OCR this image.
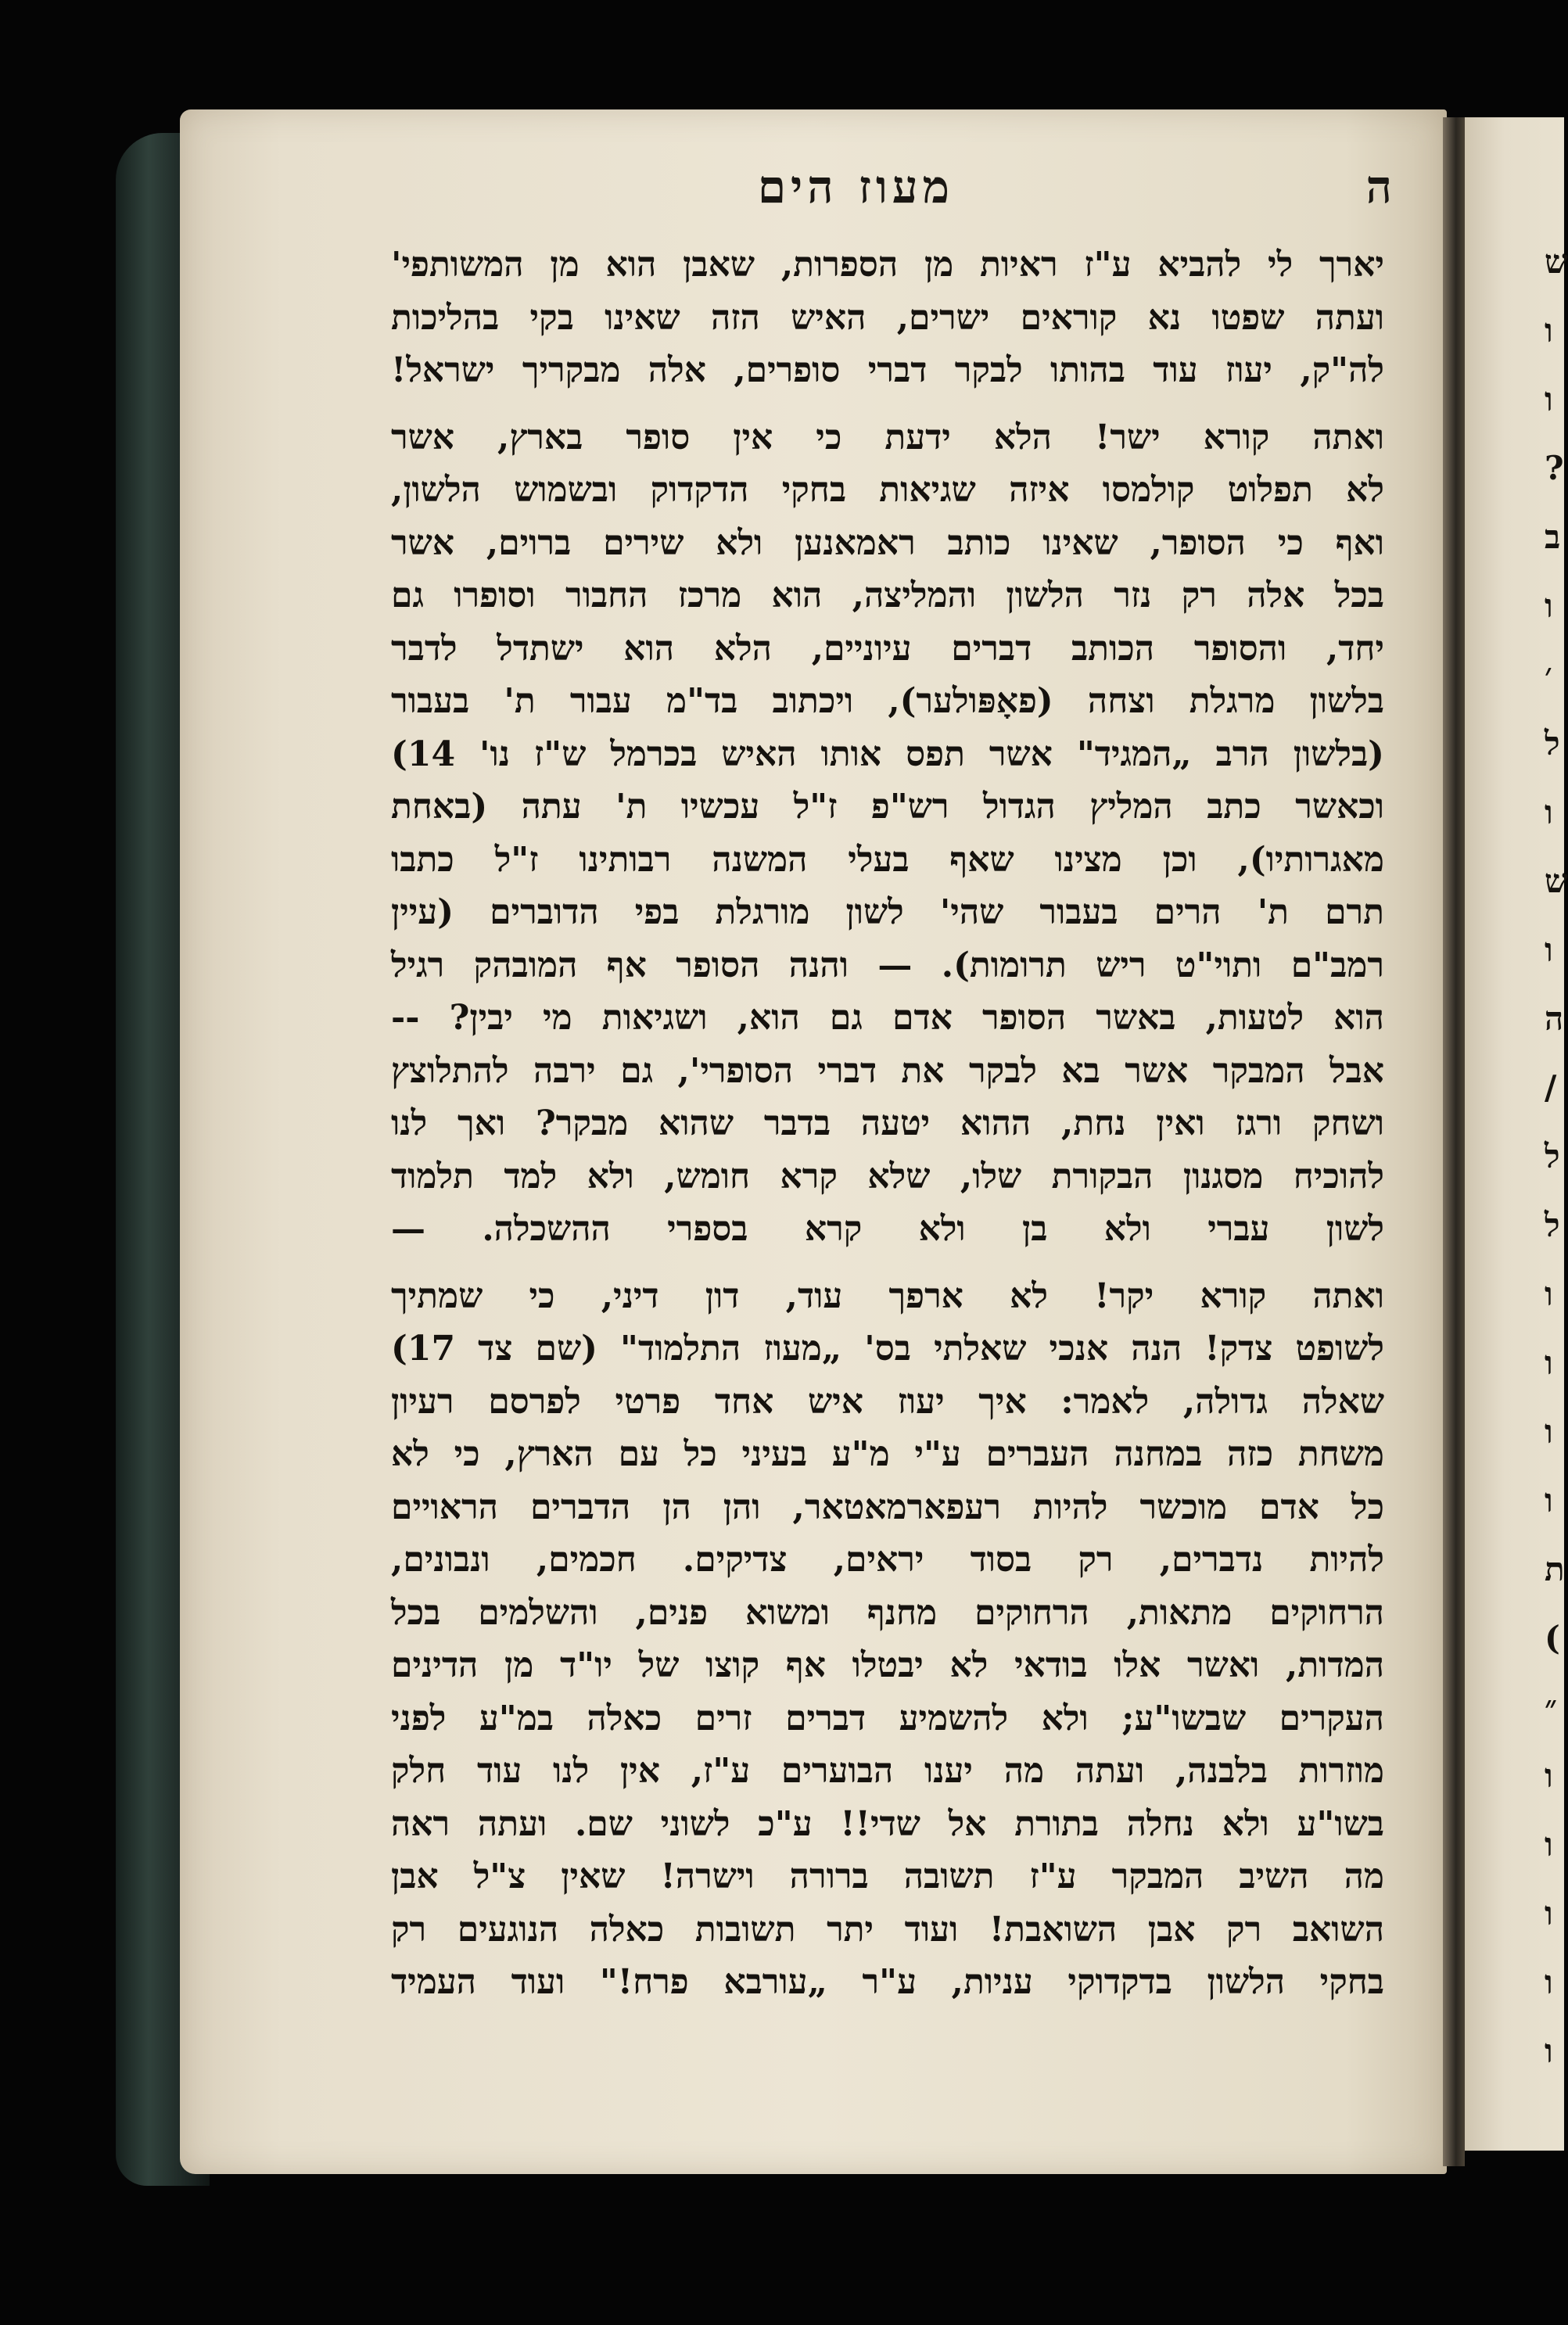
ה
מעוז הים
יארך לי להביא ע"ז ראיות מן הספרות, שאבן הוא מן המשותפי'
ועתה שפטו נא קוראים ישרים, האיש הזה שאינו בקי בהליכות
לה"ק, יעוז עוד בהותו לבקר דברי סופרים, אלה מבקריך ישראל!
ואתה קורא ישר! הלא ידעת כי אין סופר בארץ, אשר
לא תפלוט קולמסו איזה שגיאות בחקי הדקדוק ובשמוש הלשון,
ואף כי הסופר, שאינו כותב ראמאנען ולא שירים ברוים, אשר
בכל אלה רק נזר הלשון והמליצה, הוא מרכז החבור וסופרו גם
יחד, והסופר הכותב דברים עיוניים, הלא הוא ישתדל לדבר
בלשון מרגלת וצחה (פאָפּולער), ויכתוב בד"מ עבור ת' בעבור
(בלשון הרב „המגיד" אשר תפס אותו האיש בכרמל ש"ז נו' 14)
וכאשר כתב המליץ הגדול רש"פ ז"ל עכשיו ת' עתה (באחת
מאגרותיו), וכן מצינו שאף בעלי המשנה רבותינו ז"ל כתבו
תרם ת' הרים בעבור שהי' לשון מורגלת בפי הדוברים (עיין
רמב"ם ותוי"ט ריש תרומות). — והנה הסופר אף המובהק רגיל
הוא לטעות, באשר הסופר אדם גם הוא, ושגיאות מי יבין? --
אבל המבקר אשר בא לבקר את דברי הסופרי', גם ירבה להתלוצץ
ושחק ורגז ואין נחת, ההוא יטעה בדבר שהוא מבקר? ואך לנו
להוכיח מסגנון הבקורת שלו, שלא קרא חומש, ולא למד תלמוד
לשון עברי ולא בן ולא קרא בספרי ההשכלה. —
ואתה קורא יקר! לא ארפך עוד, דון דיני, כי שמתיך
לשופט צדק! הנה אנכי שאלתי בס' „מעוז התלמוד" (שם צד 17)
שאלה גדולה, לאמר: איך יעוז איש אחד פרטי לפרסם רעיון
משחת כזה במחנה העברים ע"י מ"ע בעיני כל עם הארץ, כי לא
כל אדם מוכשר להיות רעפארמאטאר, והן הן הדברים הראויים
להיות נדברים, רק בסוד יראים, צדיקים. חכמים, ונבונים,
הרחוקים מתאות, הרחוקים מחנף ומשוא פנים, והשלמים בכל
המדות, ואשר אלו בודאי לא יבטלו אף קוצו של יו"ד מן הדינים
העקרים שבשו"ע; ולא להשמיע דברים זרים כאלה במ"ע לפני
מוזרות בלבנה, ועתה מה יענו הבוערים ע"ז, אין לנו עוד חלק
בשו"ע ולא נחלה בתורת אל שדי!! ע"כ לשוני שם. ועתה ראה
מה השיב המבקר ע"ז תשובה ברורה וישרה! שאין צ"ל אבן
השואב רק אבן השואבת! ועוד יתר תשובות כאלה הנוגעים רק
בחקי הלשון בדקדוקי עניות, ע"ר „עורבא פרח!" ועוד העמיד
ש
ו
ו
?
ב
ו
׳
ל
ו
ש
ו
ה
/
ל
ל
ו
ו
ו
ו
ת
(
״
ו
ו
ו
ו
ו
